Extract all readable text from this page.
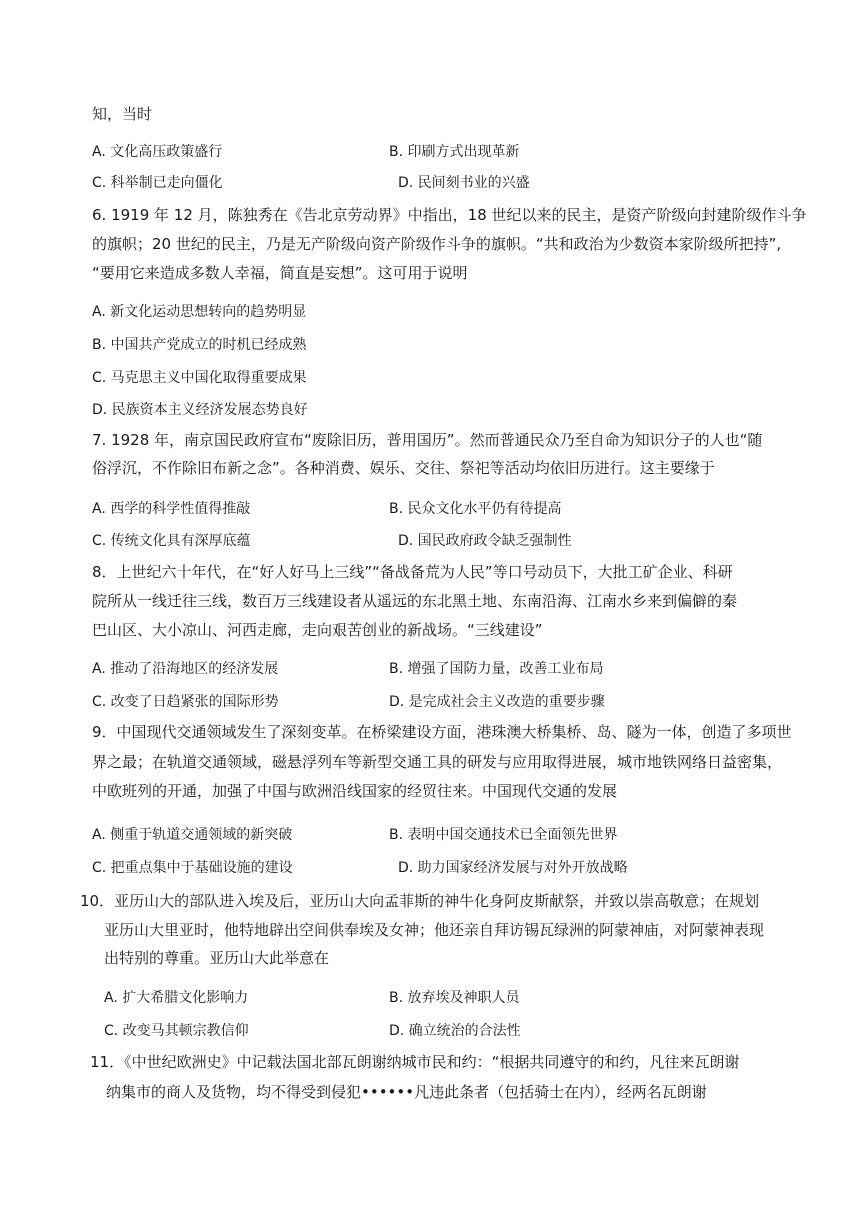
知，当时
A. 文化高压政策盛行	B. 印刷方式出现革新
C. 科举制已走向僵化	D. 民间刻书业的兴盛
6. 1919 年 12 月，陈独秀在《告北京劳动界》中指出，18 世纪以来的民主，是资产阶级向封建阶级作斗争
的旗帜；20 世纪的民主，乃是无产阶级向资产阶级作斗争的旗帜。“共和政治为少数资本家阶级所把持”,
“要用它来造成多数人幸福，简直是妄想”。这可用于说明
A. 新文化运动思想转向的趋势明显
B. 中国共产党成立的时机已经成熟
C. 马克思主义中国化取得重要成果
D. 民族资本主义经济发展态势良好
7. 1928 年，南京国民政府宣布“废除旧历，普用国历”。然而普通民众乃至自命为知识分子的人也“随
俗浮沉，不作除旧布新之念”。各种消费、娱乐、交往、祭祀等活动均依旧历进行。这主要缘于
A. 西学的科学性值得推敲	B. 民众文化水平仍有待提高
C. 传统文化具有深厚底蕴	D. 国民政府政令缺乏强制性
8．上世纪六十年代，在“好人好马上三线”“备战备荒为人民”等口号动员下，大批工矿企业、科研
院所从一线迁往三线，数百万三线建设者从遥远的东北黑土地、东南沿海、江南水乡来到偏僻的秦
巴山区、大小凉山、河西走廊，走向艰苦创业的新战场。“三线建设”
A. 推动了沿海地区的经济发展	B. 增强了国防力量，改善工业布局
C. 改变了日趋紧张的国际形势	D. 是完成社会主义改造的重要步骤
9．中国现代交通领域发生了深刻变革。在桥梁建设方面，港珠澳大桥集桥、岛、隧为一体，创造了多项世
界之最；在轨道交通领域，磁悬浮列车等新型交通工具的研发与应用取得进展，城市地铁网络日益密集，
中欧班列的开通，加强了中国与欧洲沿线国家的经贸往来。中国现代交通的发展
A. 侧重于轨道交通领域的新突破	B. 表明中国交通技术已全面领先世界
C. 把重点集中于基础设施的建设	D. 助力国家经济发展与对外开放战略
10．亚历山大的部队进入埃及后，亚历山大向孟菲斯的神牛化身阿皮斯献祭，并致以崇高敬意；在规划
亚历山大里亚时，他特地辟出空间供奉埃及女神；他还亲自拜访锡瓦绿洲的阿蒙神庙，对阿蒙神表现
出特别的尊重。亚历山大此举意在
A. 扩大希腊文化影响力	B. 放弃埃及神职人员
C. 改变马其顿宗教信仰	D. 确立统治的合法性
11．《中世纪欧洲史》中记载法国北部瓦朗谢纳城市民和约：“根据共同遵守的和约，凡往来瓦朗谢
纳集市的商人及货物，均不得受到侵犯••••••凡违此条者（包括骑士在内），经两名瓦朗谢
